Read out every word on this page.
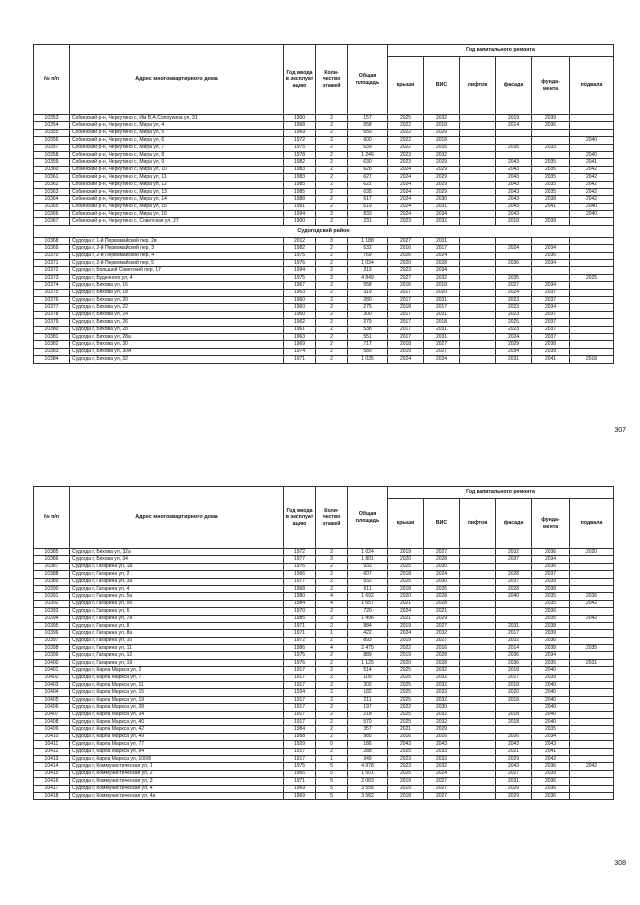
№ п/п	Адрес многоквартирного дома	Год ввода в эксплуат ацию	Коли- чество этажей	Общая площадь	Год капитального ремонта					
					крыши	ВИС	лифтов	фасада	фунда- мента	подвала
10353	Собинский р-н, Черкутино с, Им В.А.Солоухина ул, 31	1900	2	157	2025	2032		2019	2039	
10354	Собинский р-н, Черкутино с, Мира ул, 4	1968	2	658	2022	2018		2014	2036	
10355	Собинский р-н, Черкутино с, Мира ул, 5	1969	2	659	2022	2029				
10356	Собинский р-н, Черкутино с, Мира ул, 6	1972	2	600	2022	2018				2040
10357	Собинский р-н, Черкутино с, Мира ул, 7	1975	2	639	2022	2016		2035	2033	
10358	Собинский р-н, Черкутино с, Мира ул, 8	1978	2	1 246	2023	2032				2040
10359	Собинский р-н, Черкутино с, Мира ул, 9	1982	2	630	2023	2029		2043	2035	2041
10360	Собинский р-н, Черкутино с, Мира ул, 10	1983	2	626	2024	2029		2043	2035	2042
10361	Собинский р-н, Черкутино с, Мира ул, 11	1983	2	627	2024	2029		2043	2035	2042
10362	Собинский р-н, Черкутино с, Мира ул, 12	1985	2	622	2024	2029		2043	2035	2042
10363	Собинский р-н, Черкутино с, Мира ул, 13	1985	2	635	2024	2029		2043	2035	2042
10364	Собинский р-н, Черкутино с, Мира ул, 14	1988	2	617	2024	2030		2043	2038	2042
10365	Собинский р-н, Черкутино с, Мира ул, 15	1991	2	619	2024	2031		2043	2041	2040
10366	Собинский р-н, Черкутино с, Мира ул, 16	1994	3	833	2024	2034		2043		2040
10367	Собинский р-н, Черкутино с, Советская ул, 27	1900	2	231	2023	2032		2018	2039	
Судогодский район										
10368	Судогда г, 1-й Первомайский пер, 2в	2012	3	1 188	2027	2031				
10369	Судогда г, 2-й Первомайский пер, 3	1982	2	532	2016	2017		2024	2034	
10370	Судогда г, 2-й Первомайский пер, 4	1975	2	769	2026	2024			2036	
10371	Судогда г, 2-й Первомайский пер, 5	1976	2	1 034	2020	2028		2036	2034	
10372	Судогда г, Большой Советский пер, 17	1994	2	313	2023	2034				
10373	Судогда г, Буденного ул, 4	1975	3	4 849	2027	2032		2035		2025
10374	Судогда г, Бяхова ул, 16	1967	2	558	2016	2018		2027	2034	
10375	Судогда г, Бяхова ул, 18	1963	2	319	2017	2020		2024	2037	
10376	Судогда г, Бяхова ул, 20	1960	2	280	2017	2031		2023	2037	
10377	Судогда г, Бяхова ул, 22	1960	2	275	2018	2017		2023	2034	
10378	Судогда г, Бяхова ул, 24	1960	2	300	2017	2031		2023	2037	
10379	Судогда г, Бяхова ул, 26	1962	2	279	2017	2018		2025	2037	
10380	Судогда г, Бяхова ул, 28	1961	2	538	2017	2031		2023	2037	
10381	Судогда г, Бяхова ул, 28а	1963	2	551	2017	2031		2024	2037	
10382	Судогда г, Бяхова ул, 30	1969	2	717	2018	2027		2029	2038	
10383	Судогда г, Бяхова ул, 30А	1974	2	589	2019	2027		2034	2039	
10384	Судогда г, Бяхова ул, 32	1971	2	1 035	2024	2034		2031	2041	2018
307
№ п/п	Адрес многоквартирного дома	Год ввода в эксплуат ацию	Коли- чество этажей	Общая площадь	Год капитального ремонта					
					крыши	ВИС	лифтов	фасада	фунда- мента	подвала
10385	Судогда г, Бяхова ул, 32а	1972	2	1 024	2019	2027		2032	2036	2020
10386	Судогда г, Бяхова ул, 34	1977	3	1 801	2020	2028		2037	2034	
10387	Судогда г, Гагарина ул, 1а	1976	2	933	2025	2030			2036	
10388	Судогда г, Гагарина ул, 2	1966	2	607	2018	2024		2028	2037	
10389	Судогда г, Гагарина ул, 3а	1977	2	932	2025	2030		2037	2039	
10390	Судогда г, Гагарина ул, 4	1968	2	611	2018	2026		2028	2038	
10391	Судогда г, Гагарина ул, 5а	1980	4	1 692	2020	2028		2040	2035	2036
10392	Судогда г, Гагарина ул, 5б	1984	4	1 657	2021	2028			2035	2042
10393	Судогда г, Гагарина ул, 6	1970	2	720	2024	2021			2036	
10394	Судогда г, Гагарина ул, 7а	1985	3	1 496	2021	2029			2035	2042
10395	Судогда г, Гагарина ул, 8	1971	2	884	2019	2027		2031	2038	
10396	Судогда г, Гагарина ул, 8а	1971	1	422	2024	2032		2017	2039	
10397	Судогда г, Гагарина ул, 10	1972	2	893	2019	2027		2032	2036	
10398	Судогда г, Гагарина ул, 11	1986	4	2 475	2022	2016		2014	2038	2035
10399	Судогда г, Гагарина ул, 12	1975	2	889	2019	2028		2036	2034	
10400	Судогда г, Гагарина ул, 19	1976	2	1 125	2020	2028		2036	2035	2031
10401	Судогда г, Карла Маркса ул, 2	1917	2	514	2025	2032		2018	2040	
10402	Судогда г, Карла Маркса ул, 7	1917	2	109	2025	2032		2017	2039	
10403	Судогда г, Карла Маркса ул, 11	1917	2	302	2025	2032		2018	2040	
10404	Судогда г, Карла Маркса ул, 15	1934	2	182	2025	2033		2020	2040	
10405	Судогда г, Карла Маркса ул, 19	1917	2	211	2025	2032		2018	2040	
10406	Судогда г, Карла Маркса ул, 28	1917	2	197	2022	2030			2040	
10407	Судогда г, Карла Маркса ул, 34	1917	2	218	2025	2032		2018	2040	
10408	Судогда г, Карла Маркса ул, 40	1917	2	570	2025	2032		2018	2040	
10409	Судогда г, Карла Маркса ул, 42	1984	2	357	2021	2029			2035	
10410	Судогда г, Карла Маркса ул, 49	1958	2	985	2016	2016		2026	2034	
10411	Судогда г, Карла Маркса ул, 77	1929	0	186	2043	2043		2043	2043	
10412	Судогда г, Карла Маркса ул, 84	1917	2	288	2025	2033		2021	2041	
10413	Судогда г, Карла Маркса ул, 100/8	1917	1	349	2023	2033		2029	2042	
10414	Судогда г, Коммунистическая ул, 1	1975	5	4 978	2023	2032		2043	2036	2042
10415	Судогда г, Коммунистическая ул, 2	1965	5	1 501	2025	2024		2027	2039	
10416	Судогда г, Коммунистическая ул, 3	1971	5	2 083	2019	2027		2031	2036	
10417	Судогда г, Коммунистическая ул, 4	1969	5	3 558	2019	2027		2029	2036	
10418	Судогда г, Коммунистическая ул, 4а	1969	5	3 582	2018	2027		2029	2036	
308
